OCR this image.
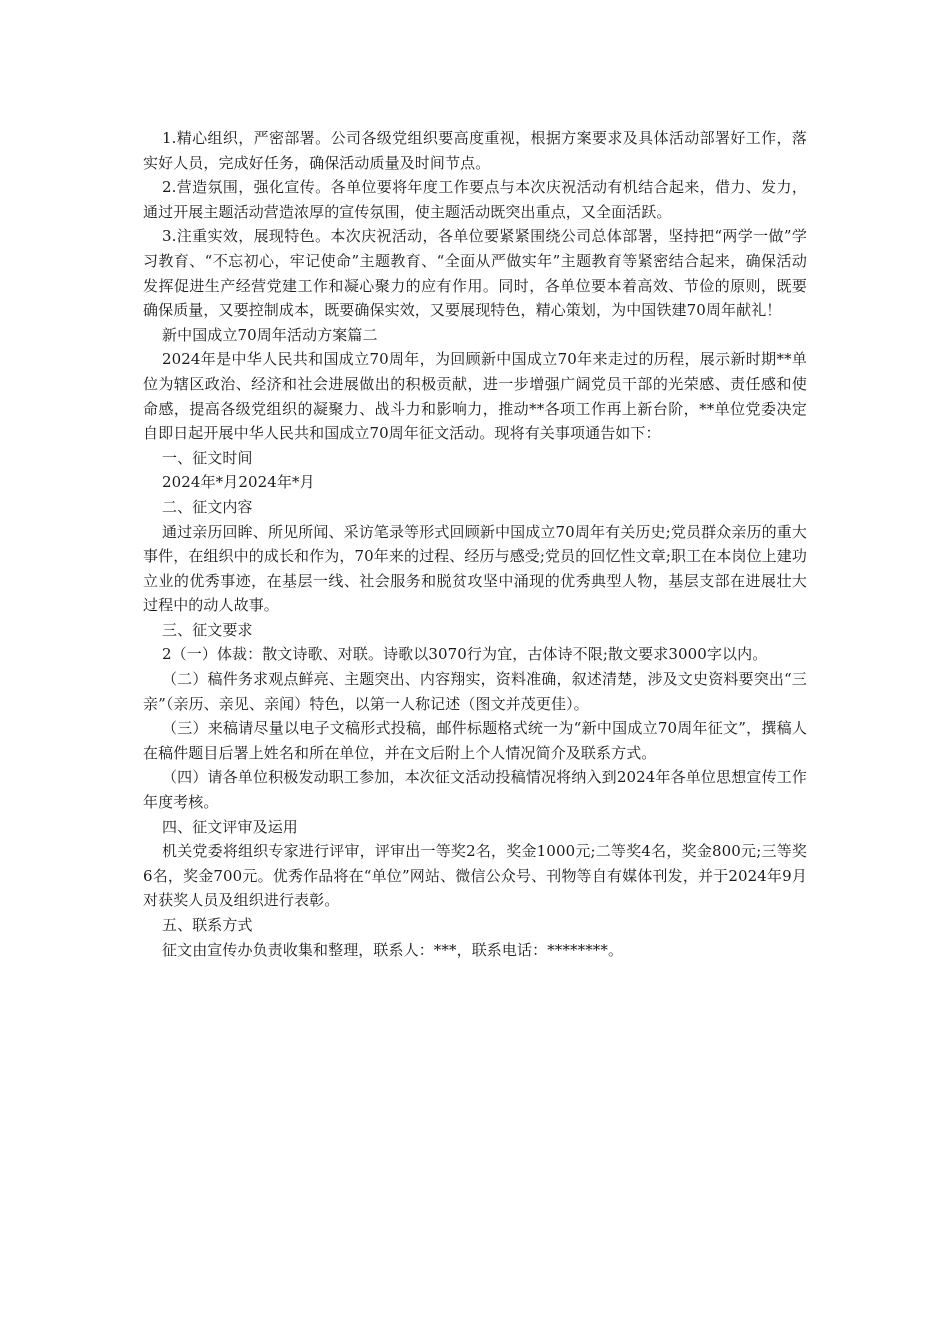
1.精心组织，严密部署。公司各级党组织要高度重视，根据方案要求及具体活动部署好工作，落实好人员，完成好任务，确保活动质量及时间节点。

2.营造氛围，强化宣传。各单位要将年度工作要点与本次庆祝活动有机结合起来，借力、发力，通过开展主题活动营造浓厚的宣传氛围，使主题活动既突出重点，又全面活跃。

3.注重实效，展现特色。本次庆祝活动，各单位要紧紧围绕公司总体部署，坚持把“两学一做”学习教育、“不忘初心，牢记使命”主题教育、“全面从严做实年”主题教育等紧密结合起来，确保活动发挥促进生产经营党建工作和凝心聚力的应有作用。同时，各单位要本着高效、节俭的原则，既要确保质量，又要控制成本，既要确保实效，又要展现特色，精心策划，为中国铁建70周年献礼！

新中国成立70周年活动方案篇二

2024年是中华人民共和国成立70周年，为回顾新中国成立70年来走过的历程，展示新时期**单位为辖区政治、经济和社会进展做出的积极贡献，进一步增强广阔党员干部的光荣感、责任感和使命感，提高各级党组织的凝聚力、战斗力和影响力，推动**各项工作再上新台阶，**单位党委决定自即日起开展中华人民共和国成立70周年征文活动。现将有关事项通告如下：

一、征文时间

2024年*月2024年*月

二、征文内容

通过亲历回眸、所见所闻、采访笔录等形式回顾新中国成立70周年有关历史;党员群众亲历的重大事件，在组织中的成长和作为，70年来的过程、经历与感受;党员的回忆性文章;职工在本岗位上建功立业的优秀事迹，在基层一线、社会服务和脱贫攻坚中涌现的优秀典型人物，基层支部在进展壮大过程中的动人故事。

三、征文要求

2（一）体裁：散文诗歌、对联。诗歌以3070行为宜，古体诗不限;散文要求3000字以内。

（二）稿件务求观点鲜亮、主题突出、内容翔实，资料准确，叙述清楚，涉及文史资料要突出“三亲”（亲历、亲见、亲闻）特色，以第一人称记述（图文并茂更佳）。

（三）来稿请尽量以电子文稿形式投稿，邮件标题格式统一为“新中国成立70周年征文”，撰稿人在稿件题目后署上姓名和所在单位，并在文后附上个人情况简介及联系方式。

（四）请各单位积极发动职工参加，本次征文活动投稿情况将纳入到2024年各单位思想宣传工作年度考核。

四、征文评审及运用

机关党委将组织专家进行评审，评审出一等奖2名，奖金1000元;二等奖4名，奖金800元;三等奖6名，奖金700元。优秀作品将在“单位”网站、微信公众号、刊物等自有媒体刊发，并于2024年9月对获奖人员及组织进行表彰。

五、联系方式

征文由宣传办负责收集和整理，联系人：***，联系电话：********。
